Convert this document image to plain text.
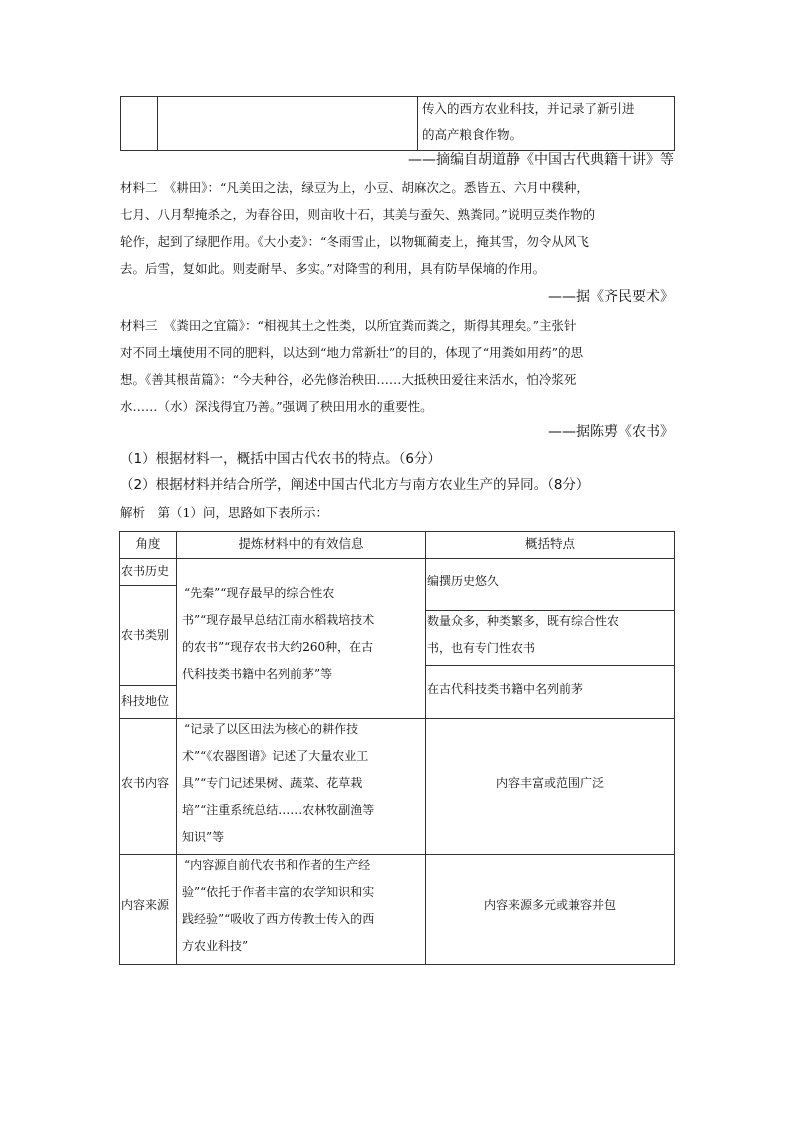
传入的西方农业科技，并记录了新引进
的高产粮食作物。
——摘编自胡道静《中国古代典籍十讲》等
材料二　《耕田》：“凡美田之法，绿豆为上，小豆、胡麻次之。悉皆五、六月中穙种，
七月、八月犁掩杀之，为春谷田，则亩收十石，其美与蚕矢、熟粪同。”说明豆类作物的
轮作，起到了绿肥作用。《大小麦》：“冬雨雪止，以物辄蔺麦上，掩其雪，勿令从风飞
去。后雪，复如此。则麦耐旱、多实。”对降雪的利用，具有防旱保墒的作用。
——据《齐民要术》
材料三　《粪田之宜篇》：“相视其土之性类，以所宜粪而粪之，斯得其理矣。”主张针
对不同土壤使用不同的肥料，以达到“地力常新壮”的目的，体现了“用粪如用药”的思
想。《善其根苗篇》：“今夫种谷，必先修治秧田……大抵秧田爱往来活水，怕冷浆死
水……（水）深浅得宜乃善。”强调了秧田用水的重要性。
——据陈旉《农书》
（1）根据材料一，概括中国古代农书的特点。（6分）
（2）根据材料并结合所学，阐述中国古代北方与南方农业生产的异同。（8分）
解析　第（1）问，思路如下表所示：
角度	提炼材料中的有效信息	概括特点
农书历史
农书类别
科技地位
农书内容
内容来源
“先秦”“现存最早的综合性农
书”“现存最早总结江南水稻栽培技术
的农书”“现存农书大约260种，在古
代科技类书籍中名列前茅”等
编撰历史悠久
数量众多，种类繁多，既有综合性农
书，也有专门性农书
在古代科技类书籍中名列前茅
“记录了以区田法为核心的耕作技
术”“《农器图谱》记述了大量农业工
具”“专门记述果树、蔬菜、花草栽
培”“注重系统总结……农林牧副渔等
知识”等
内容丰富或范围广泛
“内容源自前代农书和作者的生产经
验”“依托于作者丰富的农学知识和实
践经验”“吸收了西方传教士传入的西
方农业科技”
内容来源多元或兼容并包
